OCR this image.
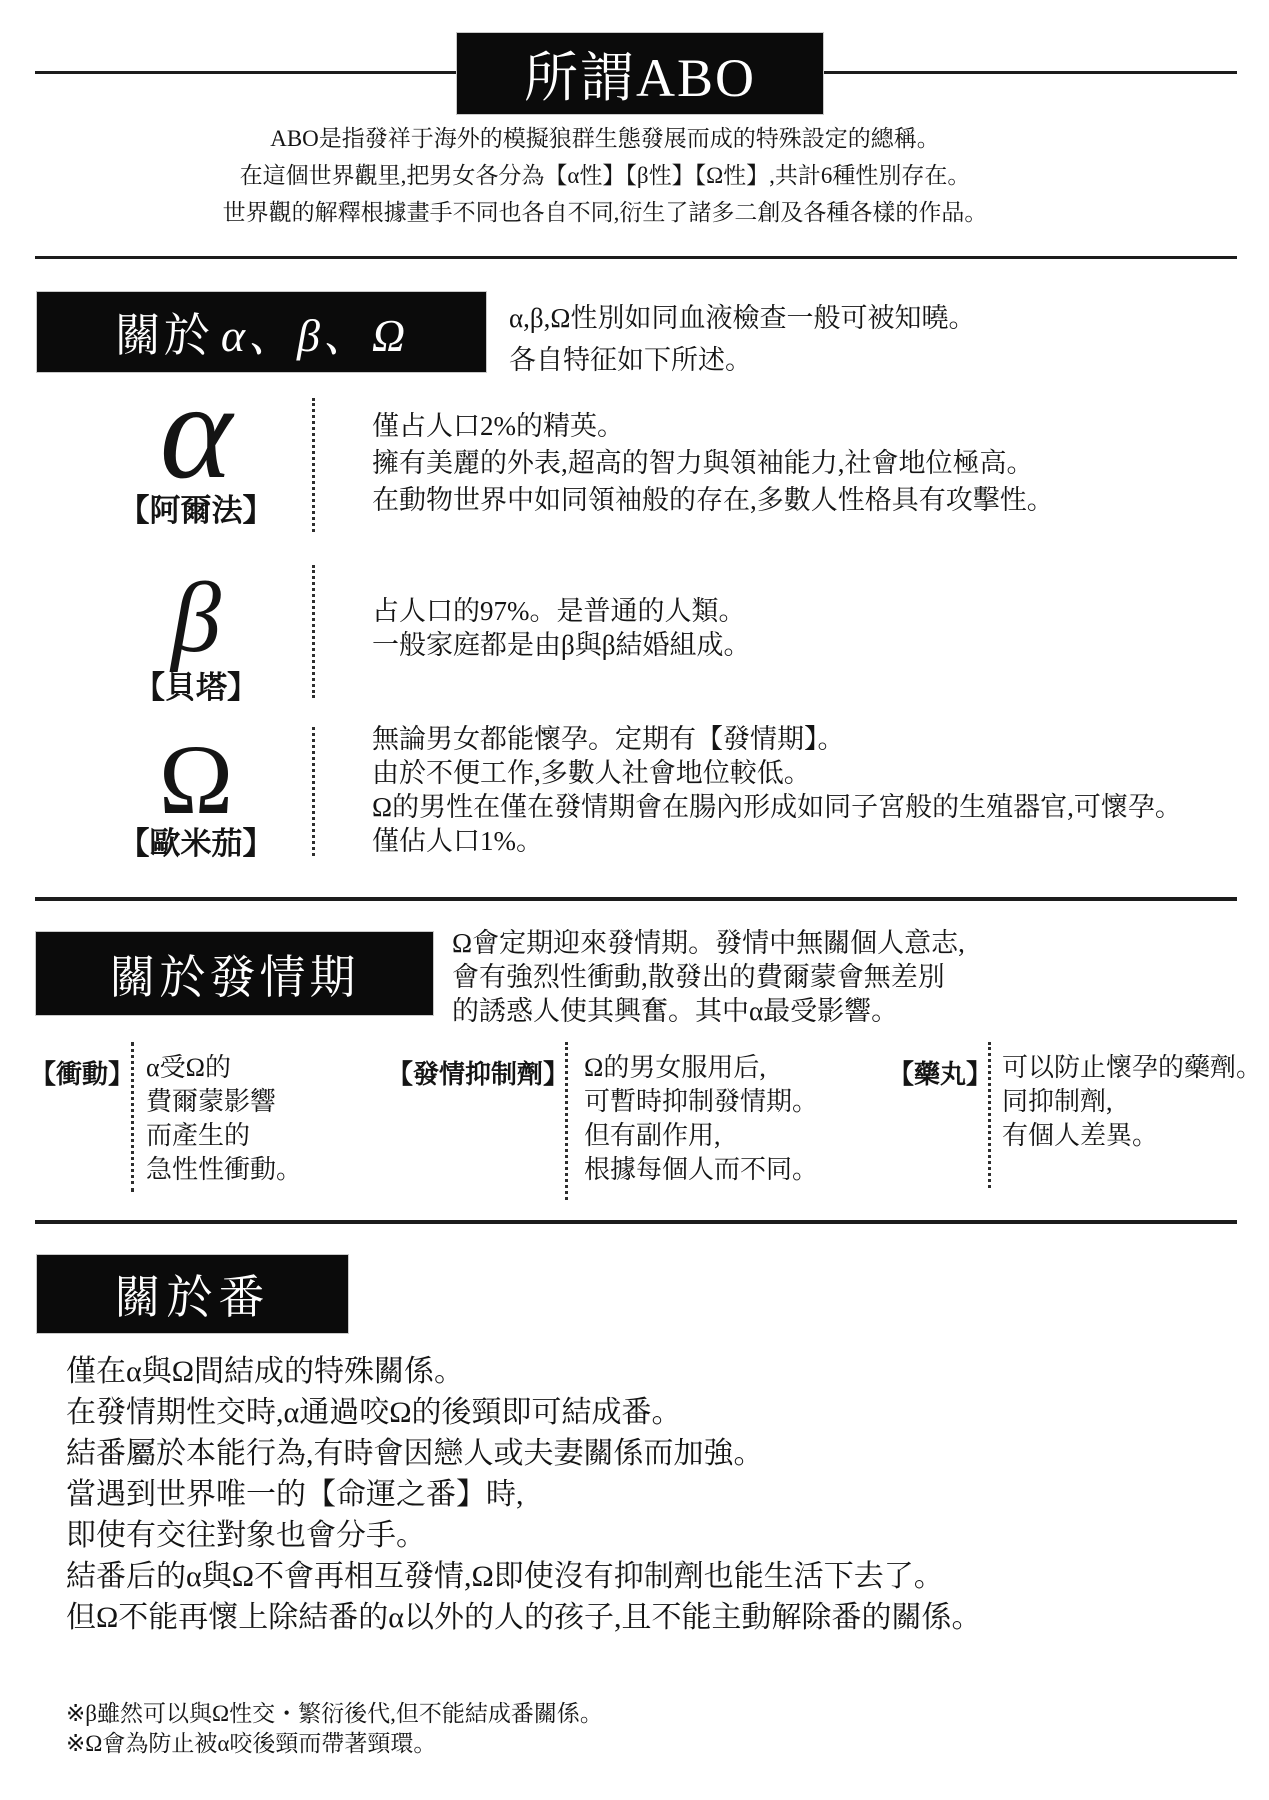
所謂ABO
ABO是指發祥于海外的模擬狼群生態發展而成的特殊設定的總稱。
在這個世界觀里,把男女各分為【α性】【β性】【Ω性】,共計6種性別存在。
世界觀的解釋根據畫手不同也各自不同,衍生了諸多二創及各種各樣的作品。
關於 α、β、Ω	α,β,Ω性別如同血液檢查一般可被知曉。
各自特征如下所述。
α
【阿爾法】
僅占人口2%的精英。
擁有美麗的外表,超高的智力與領袖能力,社會地位極高。
在動物世界中如同領袖般的存在,多數人性格具有攻擊性。
β
【貝塔】
占人口的97%。是普通的人類。
一般家庭都是由β與β結婚組成。
Ω
【歐米茄】
無論男女都能懷孕。定期有【發情期】。
由於不便工作,多數人社會地位較低。
Ω的男性在僅在發情期會在腸內形成如同子宮般的生殖器官,可懷孕。
僅佔人口1%。
關於發情期
Ω會定期迎來發情期。發情中無關個人意志,
會有強烈性衝動,散發出的費爾蒙會無差別
的誘惑人使其興奮。其中α最受影響。
【衝動】 α受Ω的
費爾蒙影響
而產生的
急性性衝動。
【發情抑制劑】 Ω的男女服用后,
可暫時抑制發情期。
但有副作用,
根據每個人而不同。
【藥丸】 可以防止懷孕的藥劑。
同抑制劑,
有個人差異。
關於番
僅在α與Ω間結成的特殊關係。
在發情期性交時,α通過咬Ω的後頸即可結成番。
結番屬於本能行為,有時會因戀人或夫妻關係而加強。
當遇到世界唯一的【命運之番】時,
即使有交往對象也會分手。
結番后的α與Ω不會再相互發情,Ω即使沒有抑制劑也能生活下去了。
但Ω不能再懷上除結番的α以外的人的孩子,且不能主動解除番的關係。
※β雖然可以與Ω性交・繁衍後代,但不能結成番關係。
※Ω會為防止被α咬後頸而帶著頸環。
